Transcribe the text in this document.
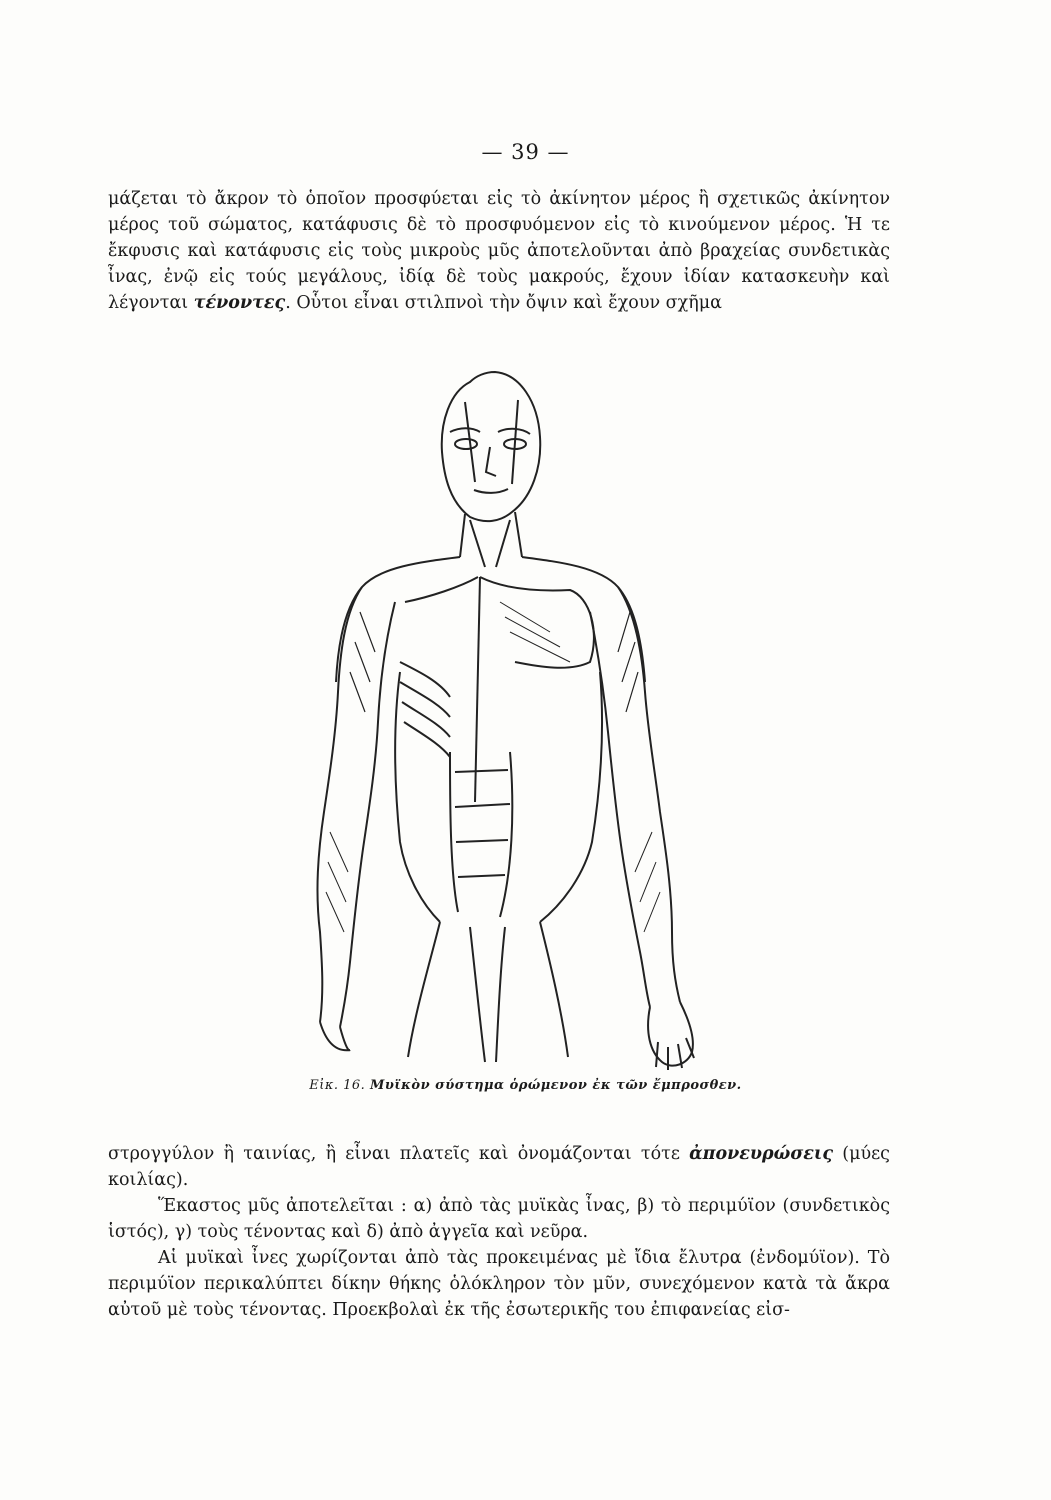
— 39 —

μάζεται τὸ ἄκρον τὸ ὁποῖον προσφύεται εἰς τὸ ἀκίνητον μέρος ἢ σχετικῶς ἀκίνητον μέρος τοῦ σώματος, κατάφυσις δὲ τὸ προσφυόμενον εἰς τὸ κινούμενον μέρος. Ἡ τε ἔκφυσις καὶ κατάφυσις εἰς τοὺς μικροὺς μῦς ἀποτελοῦνται ἀπὸ βραχείας συνδετικὰς ἶνας, ἐνῷ εἰς τούς μεγάλους, ἰδίᾳ δὲ τοὺς μακρούς, ἔχουν ἰδίαν κατασκευὴν καὶ λέγονται τένοντες. Οὗτοι εἶναι στιλπνοὶ τὴν ὄψιν καὶ ἔχουν σχῆμα

Εἰκ. 16. Μυϊκὸν σύστημα ὁρώμενον ἐκ τῶν ἔμπροσθεν.

στρογγύλον ἢ ταινίας, ἢ εἶναι πλατεῖς καὶ ὀνομάζονται τότε ἀπονευρώσεις (μύες κοιλίας).

Ἕκαστος μῦς ἀποτελεῖται : α) ἀπὸ τὰς μυϊκὰς ἶνας, β) τὸ περιμύϊον (συνδετικὸς ἱστός), γ) τοὺς τένοντας καὶ δ) ἀπὸ ἀγγεῖα καὶ νεῦρα.

Αἱ μυϊκαὶ ἶνες χωρίζονται ἀπὸ τὰς προκειμένας μὲ ἴδια ἔλυτρα (ἐνδομύϊον). Τὸ περιμύϊον περικαλύπτει δίκην θήκης ὁλόκληρον τὸν μῦν, συνεχόμενον κατὰ τὰ ἄκρα αὐτοῦ μὲ τοὺς τένοντας. Προεκβολαὶ ἐκ τῆς ἐσωτερικῆς του ἐπιφανείας εἰσ-
